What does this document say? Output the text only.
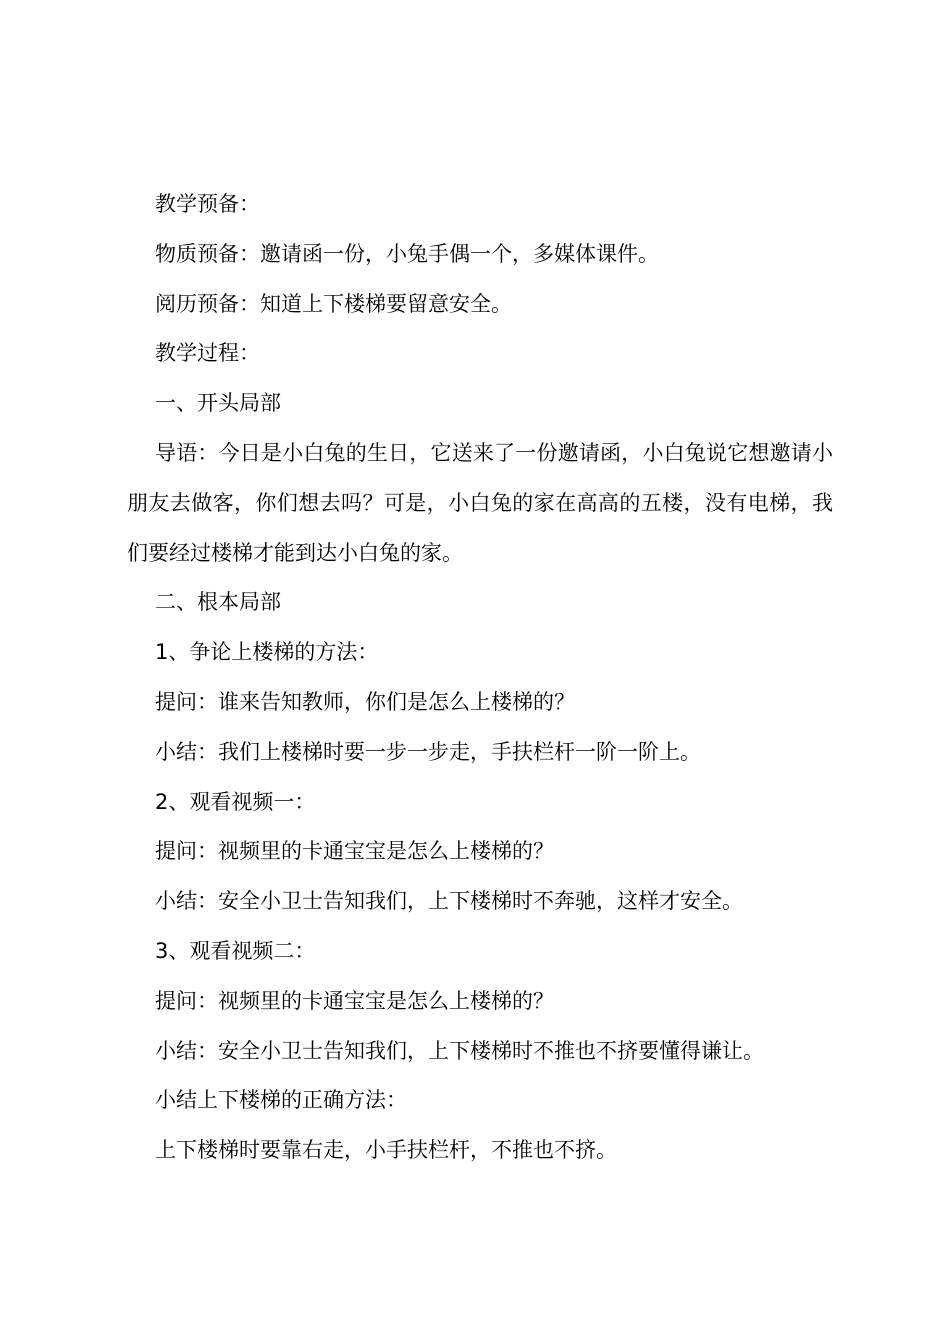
教学预备：

物质预备：邀请函一份，小兔手偶一个，多媒体课件。

阅历预备：知道上下楼梯要留意安全。

教学过程：

一、开头局部

导语：今日是小白兔的生日，它送来了一份邀请函，小白兔说它想邀请小朋友去做客，你们想去吗？可是，小白兔的家在高高的五楼，没有电梯，我们要经过楼梯才能到达小白兔的家。

二、根本局部

1、争论上楼梯的方法：

提问：谁来告知教师，你们是怎么上楼梯的？

小结：我们上楼梯时要一步一步走，手扶栏杆一阶一阶上。

2、观看视频一：

提问：视频里的卡通宝宝是怎么上楼梯的？

小结：安全小卫士告知我们，上下楼梯时不奔驰，这样才安全。

3、观看视频二：

提问：视频里的卡通宝宝是怎么上楼梯的？

小结：安全小卫士告知我们，上下楼梯时不推也不挤要懂得谦让。

小结上下楼梯的正确方法：

上下楼梯时要靠右走，小手扶栏杆，不推也不挤。
